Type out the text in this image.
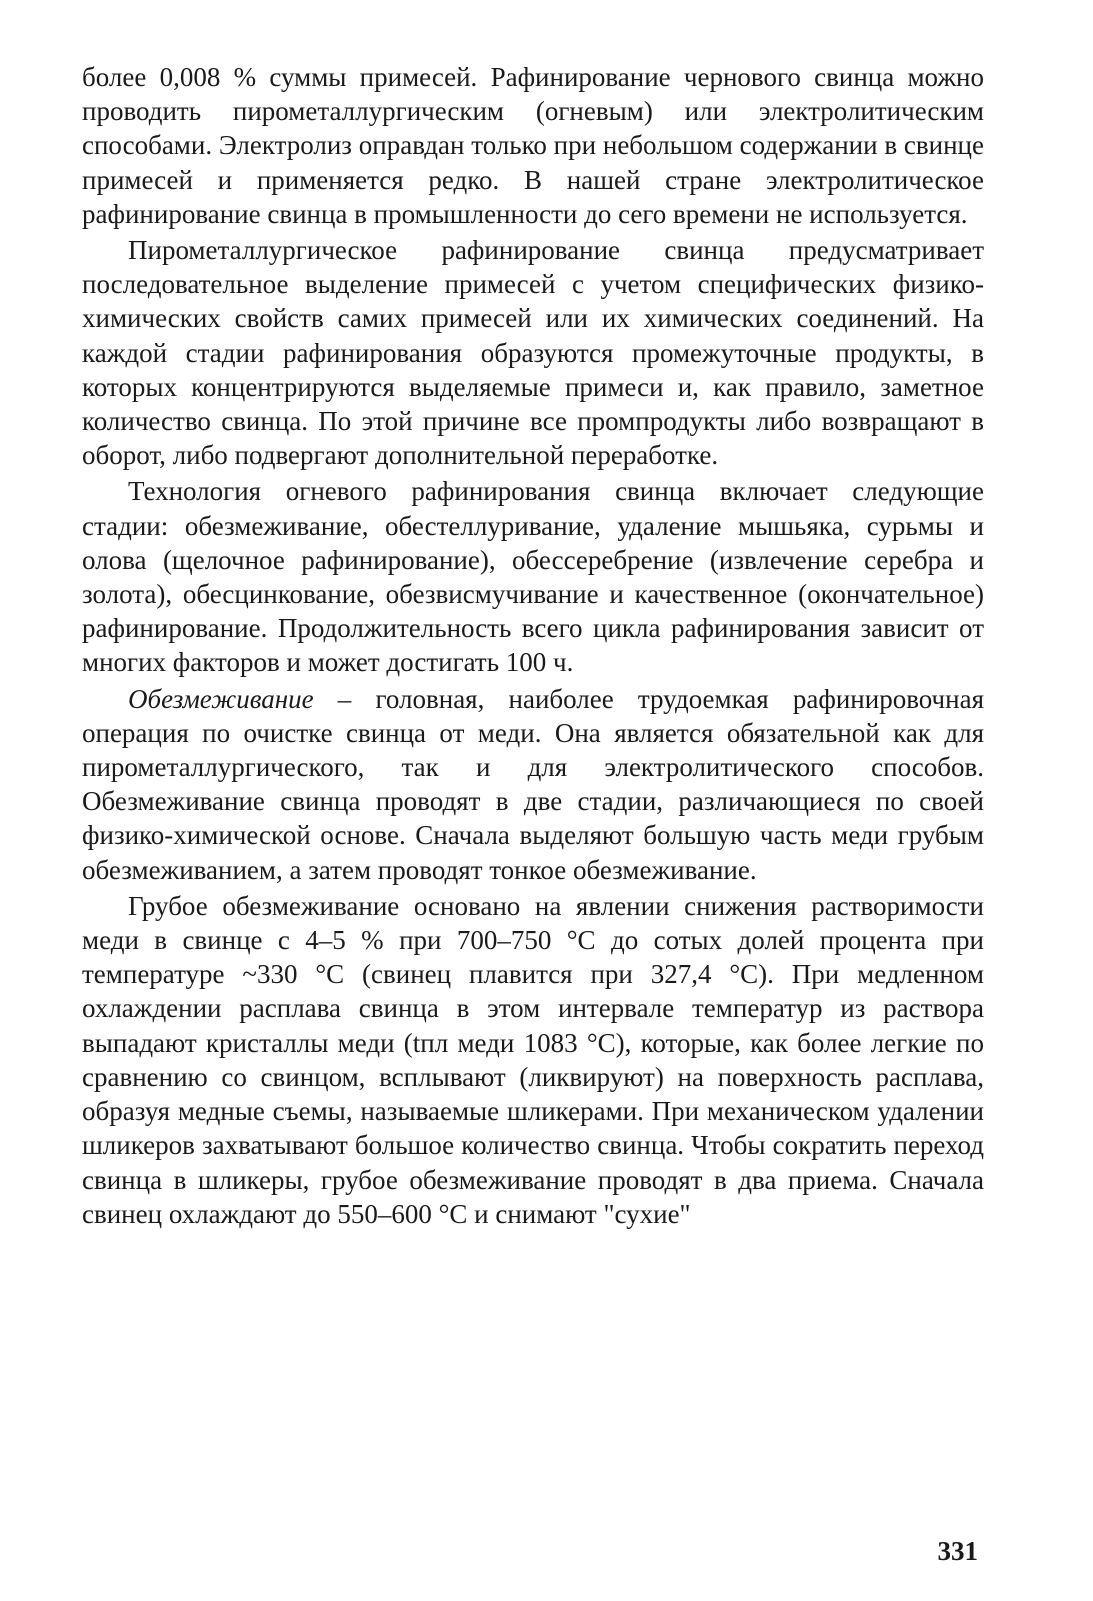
более 0,008 % суммы примесей. Рафинирование чернового свинца можно проводить пирометаллургическим (огневым) или электролитическим способами. Электролиз оправдан только при небольшом содержании в свинце примесей и применяется редко. В нашей стране электролитическое рафинирование свинца в промышленности до сего времени не используется.

Пирометаллургическое рафинирование свинца предусматривает последовательное выделение примесей с учетом специфических физико-химических свойств самих примесей или их химических соединений. На каждой стадии рафинирования образуются промежуточные продукты, в которых концентрируются выделяемые примеси и, как правило, заметное количество свинца. По этой причине все промпродукты либо возвращают в оборот, либо подвергают дополнительной переработке.

Технология огневого рафинирования свинца включает следующие стадии: обезмеживание, обестеллуривание, удаление мышьяка, сурьмы и олова (щелочное рафинирование), обессеребрение (извлечение серебра и золота), обесцинкование, обезвисмучивание и качественное (окончательное) рафинирование. Продолжительность всего цикла рафинирования зависит от многих факторов и может достигать 100 ч.

Обезмеживание – головная, наиболее трудоемкая рафинировочная операция по очистке свинца от меди. Она является обязательной как для пирометаллургического, так и для электролитического способов. Обезмеживание свинца проводят в две стадии, различающиеся по своей физико-химической основе. Сначала выделяют большую часть меди грубым обезмеживанием, а затем проводят тонкое обезмеживание.

Грубое обезмеживание основано на явлении снижения растворимости меди в свинце с 4–5 % при 700–750 °С до сотых долей процента при температуре ~330 °С (свинец плавится при 327,4 °С). При медленном охлаждении расплава свинца в этом интервале температур из раствора выпадают кристаллы меди (tпл меди 1083 °С), которые, как более легкие по сравнению со свинцом, всплывают (ликвируют) на поверхность расплава, образуя медные съемы, называемые шликерами. При механическом удалении шликеров захватывают большое количество свинца. Чтобы сократить переход свинца в шликеры, грубое обезмеживание проводят в два приема. Сначала свинец охлаждают до 550–600 °С и снимают "сухие"

331
